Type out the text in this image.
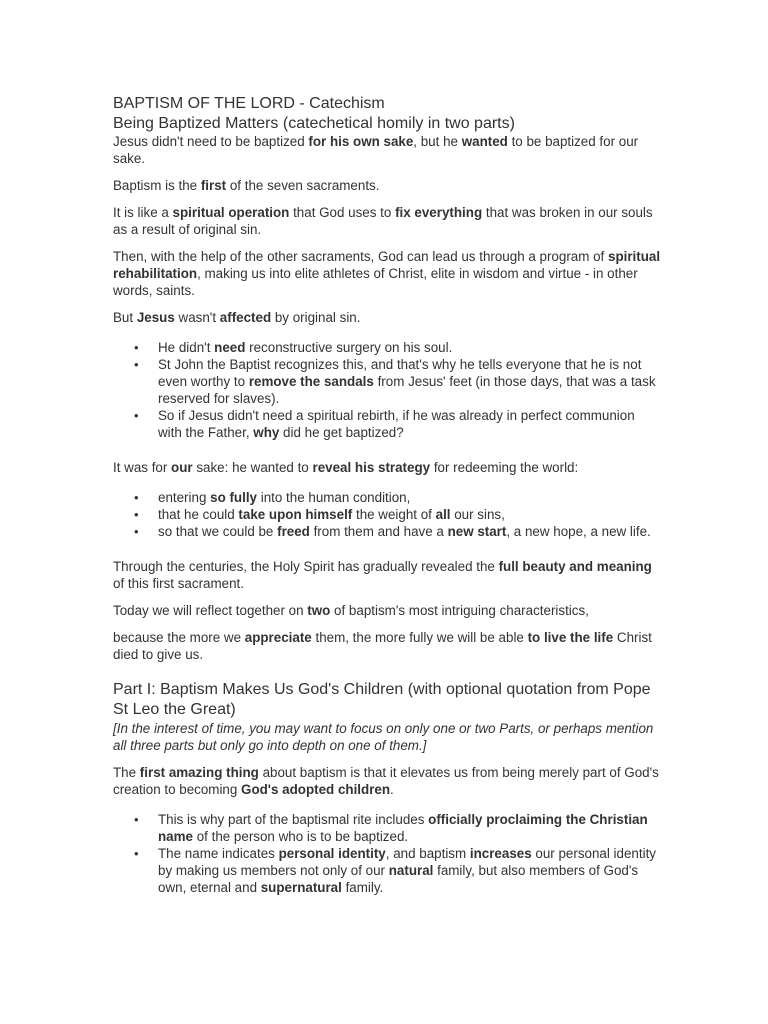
BAPTISM OF THE LORD - Catechism
Being Baptized Matters (catechetical homily in two parts)

Jesus didn't need to be baptized for his own sake, but he wanted to be baptized for our sake.

Baptism is the first of the seven sacraments.

It is like a spiritual operation that God uses to fix everything that was broken in our souls as a result of original sin.

Then, with the help of the other sacraments, God can lead us through a program of spiritual rehabilitation, making us into elite athletes of Christ, elite in wisdom and virtue - in other words, saints.

But Jesus wasn't affected by original sin.

• He didn't need reconstructive surgery on his soul.
• St John the Baptist recognizes this, and that's why he tells everyone that he is not even worthy to remove the sandals from Jesus' feet (in those days, that was a task reserved for slaves).
• So if Jesus didn't need a spiritual rebirth, if he was already in perfect communion with the Father, why did he get baptized?

It was for our sake: he wanted to reveal his strategy for redeeming the world:

• entering so fully into the human condition,
• that he could take upon himself the weight of all our sins,
• so that we could be freed from them and have a new start, a new hope, a new life.

Through the centuries, the Holy Spirit has gradually revealed the full beauty and meaning of this first sacrament.

Today we will reflect together on two of baptism's most intriguing characteristics,

because the more we appreciate them, the more fully we will be able to live the life Christ died to give us.

Part I: Baptism Makes Us God's Children (with optional quotation from Pope St Leo the Great)

[In the interest of time, you may want to focus on only one or two Parts, or perhaps mention all three parts but only go into depth on one of them.]

The first amazing thing about baptism is that it elevates us from being merely part of God's creation to becoming God's adopted children.

• This is why part of the baptismal rite includes officially proclaiming the Christian name of the person who is to be baptized.
• The name indicates personal identity, and baptism increases our personal identity by making us members not only of our natural family, but also members of God's own, eternal and supernatural family.
